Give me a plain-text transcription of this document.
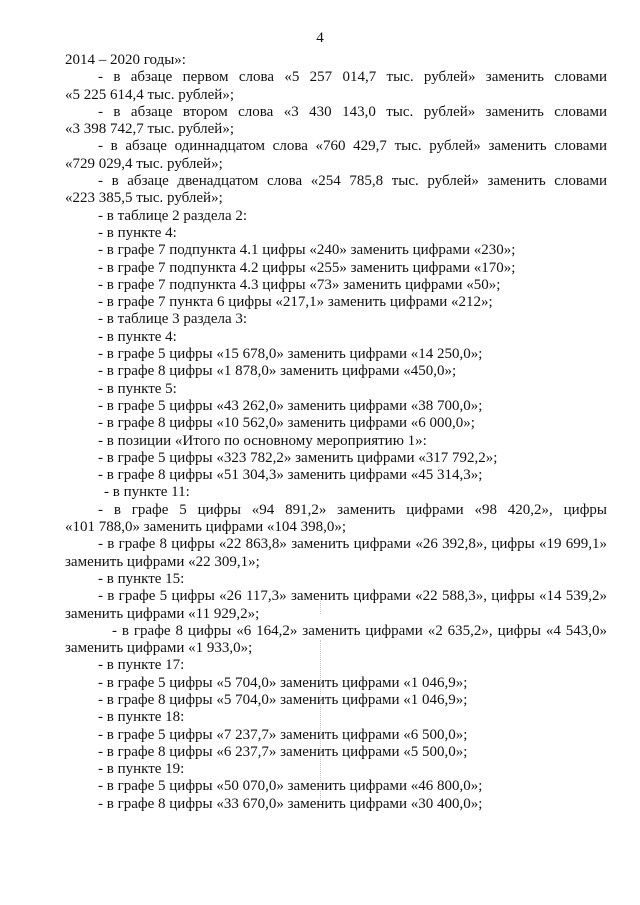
4
2014 – 2020 годы»:
- в абзаце первом слова «5 257 014,7 тыс. рублей» заменить словами
«5 225 614,4 тыс. рублей»;
- в абзаце втором слова «3 430 143,0 тыс. рублей» заменить словами
«3 398 742,7 тыс. рублей»;
- в абзаце одиннадцатом слова «760 429,7 тыс. рублей» заменить словами
«729 029,4 тыс. рублей»;
- в абзаце двенадцатом слова «254 785,8 тыс. рублей» заменить словами
«223 385,5 тыс. рублей»;
- в таблице 2 раздела 2:
- в пункте 4:
- в графе 7 подпункта 4.1 цифры «240» заменить цифрами «230»;
- в графе 7 подпункта 4.2 цифры «255» заменить цифрами «170»;
- в графе 7 подпункта 4.3 цифры «73» заменить цифрами «50»;
- в графе 7 пункта 6 цифры «217,1» заменить цифрами «212»;
- в таблице 3 раздела 3:
- в пункте 4:
- в графе 5 цифры «15 678,0» заменить цифрами «14 250,0»;
- в графе 8 цифры «1 878,0» заменить цифрами «450,0»;
- в пункте 5:
- в графе 5 цифры «43 262,0» заменить цифрами «38 700,0»;
- в графе 8 цифры «10 562,0» заменить цифрами «6 000,0»;
- в позиции «Итого по основному мероприятию 1»:
- в графе 5 цифры «323 782,2» заменить цифрами «317 792,2»;
- в графе 8 цифры «51 304,3» заменить цифрами «45 314,3»;
- в пункте 11:
- в графе 5 цифры «94 891,2» заменить цифрами «98 420,2», цифры
«101 788,0» заменить цифрами «104 398,0»;
- в графе 8 цифры «22 863,8» заменить цифрами «26 392,8», цифры «19 699,1»
заменить цифрами «22 309,1»;
- в пункте 15:
- в графе 5 цифры «26 117,3» заменить цифрами «22 588,3», цифры «14 539,2»
заменить цифрами «11 929,2»;
- в графе 8 цифры «6 164,2» заменить цифрами «2 635,2», цифры «4 543,0»
заменить цифрами «1 933,0»;
- в пункте 17:
- в графе 5 цифры «5 704,0» заменить цифрами «1 046,9»;
- в графе 8 цифры «5 704,0» заменить цифрами «1 046,9»;
- в пункте 18:
- в графе 5 цифры «7 237,7» заменить цифрами «6 500,0»;
- в графе 8 цифры «6 237,7» заменить цифрами «5 500,0»;
- в пункте 19:
- в графе 5 цифры «50 070,0» заменить цифрами «46 800,0»;
- в графе 8 цифры «33 670,0» заменить цифрами «30 400,0»;
